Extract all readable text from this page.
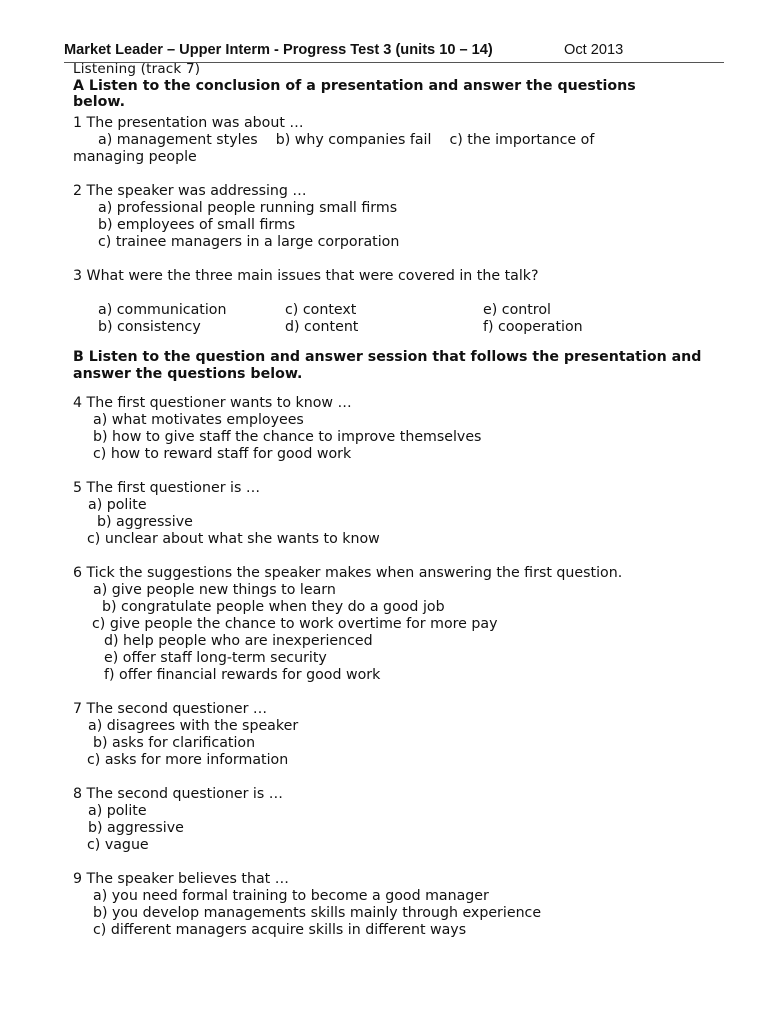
Market Leader – Upper Interm - Progress Test 3 (units 10 – 14)	Oct 2013
Listening (track 7)
A Listen to the conclusion of a presentation and answer the questions
below.
1 The presentation was about …
a) management styles    b) why companies fail    c) the importance of
managing people
2 The speaker was addressing …
a) professional people running small firms
b) employees of small firms
c) trainee managers in a large corporation
3 What were the three main issues that were covered in the talk?
a) communication
b) consistency
c) context
d) content
e) control
f) cooperation
B Listen to the question and answer session that follows the presentation and
answer the questions below.
4 The first questioner wants to know …
a) what motivates employees
b) how to give staff the chance to improve themselves
c) how to reward staff for good work
5 The first questioner is …
a) polite
b) aggressive
c) unclear about what she wants to know
6 Tick the suggestions the speaker makes when answering the first question.
a) give people new things to learn
b) congratulate people when they do a good job
c) give people the chance to work overtime for more pay
d) help people who are inexperienced
e) offer staff long-term security
f) offer financial rewards for good work
7 The second questioner …
a) disagrees with the speaker
b) asks for clarification
c) asks for more information
8 The second questioner is …
a) polite
b) aggressive
c) vague
9 The speaker believes that …
a) you need formal training to become a good manager
b) you develop managements skills mainly through experience
c) different managers acquire skills in different ways
